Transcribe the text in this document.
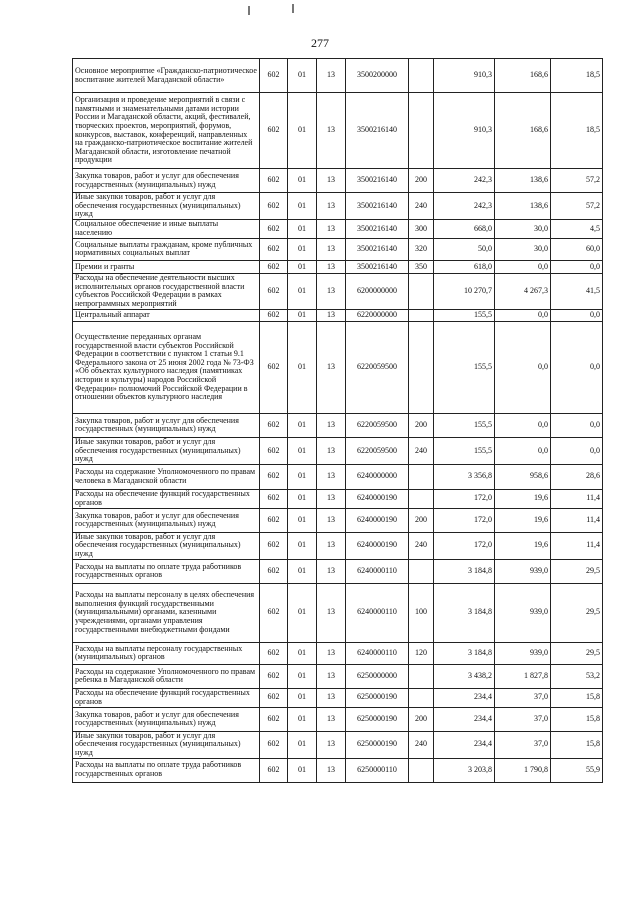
277
Основное мероприятие «Гражданско-патриотическое воспитание жителей Магаданской области»	602	01	13	3500200000		910,3	168,6	18,5
Организация и проведение мероприятий в связи с памятными и знаменательными датами истории России и Магаданской области, акций, фестивалей, творческих проектов, мероприятий, форумов, конкурсов, выставок, конференций, направленных на гражданско-патриотическое воспитание жителей Магаданской области, изготовление печатной продукции	602	01	13	3500216140		910,3	168,6	18,5
Закупка товаров, работ и услуг для обеспечения государственных (муниципальных) нужд	602	01	13	3500216140	200	242,3	138,6	57,2
Иные закупки товаров, работ и услуг для обеспечения государственных (муниципальных) нужд	602	01	13	3500216140	240	242,3	138,6	57,2
Социальное обеспечение и иные выплаты населению	602	01	13	3500216140	300	668,0	30,0	4,5
Социальные выплаты гражданам, кроме публичных нормативных социальных выплат	602	01	13	3500216140	320	50,0	30,0	60,0
Премии и гранты	602	01	13	3500216140	350	618,0	0,0	0,0
Расходы на обеспечение деятельности высших исполнительных органов государственной власти субъектов Российской Федерации в рамках непрограммных мероприятий	602	01	13	6200000000		10 270,7	4 267,3	41,5
Центральный аппарат	602	01	13	6220000000		155,5	0,0	0,0
Осуществление переданных органам государственной власти субъектов Российской Федерации в соответствии с пунктом 1 статьи 9.1 Федерального закона от 25 июня 2002 года № 73-ФЗ «Об объектах культурного наследия (памятниках истории и культуры) народов Российской Федерации» полномочий Российской Федерации в отношении объектов культурного наследия	602	01	13	6220059500		155,5	0,0	0,0
Закупка товаров, работ и услуг для обеспечения государственных (муниципальных) нужд	602	01	13	6220059500	200	155,5	0,0	0,0
Иные закупки товаров, работ и услуг для обеспечения государственных (муниципальных) нужд	602	01	13	6220059500	240	155,5	0,0	0,0
Расходы на содержание Уполномоченного по правам человека в Магаданской области	602	01	13	6240000000		3 356,8	958,6	28,6
Расходы на обеспечение функций государственных органов	602	01	13	6240000190		172,0	19,6	11,4
Закупка товаров, работ и услуг для обеспечения государственных (муниципальных) нужд	602	01	13	6240000190	200	172,0	19,6	11,4
Иные закупки товаров, работ и услуг для обеспечения государственных (муниципальных) нужд	602	01	13	6240000190	240	172,0	19,6	11,4
Расходы на выплаты по оплате труда работников государственных органов	602	01	13	6240000110		3 184,8	939,0	29,5
Расходы на выплаты персоналу в целях обеспечения выполнения функций государственными (муниципальными) органами, казенными учреждениями, органами управления государственными внебюджетными фондами	602	01	13	6240000110	100	3 184,8	939,0	29,5
Расходы на выплаты персоналу государственных (муниципальных) органов	602	01	13	6240000110	120	3 184,8	939,0	29,5
Расходы на содержание Уполномоченного по правам ребенка в Магаданской области	602	01	13	6250000000		3 438,2	1 827,8	53,2
Расходы на обеспечение функций государственных органов	602	01	13	6250000190		234,4	37,0	15,8
Закупка товаров, работ и услуг для обеспечения государственных (муниципальных) нужд	602	01	13	6250000190	200	234,4	37,0	15,8
Иные закупки товаров, работ и услуг для обеспечения государственных (муниципальных) нужд	602	01	13	6250000190	240	234,4	37,0	15,8
Расходы на выплаты по оплате труда работников государственных органов	602	01	13	6250000110		3 203,8	1 790,8	55,9
